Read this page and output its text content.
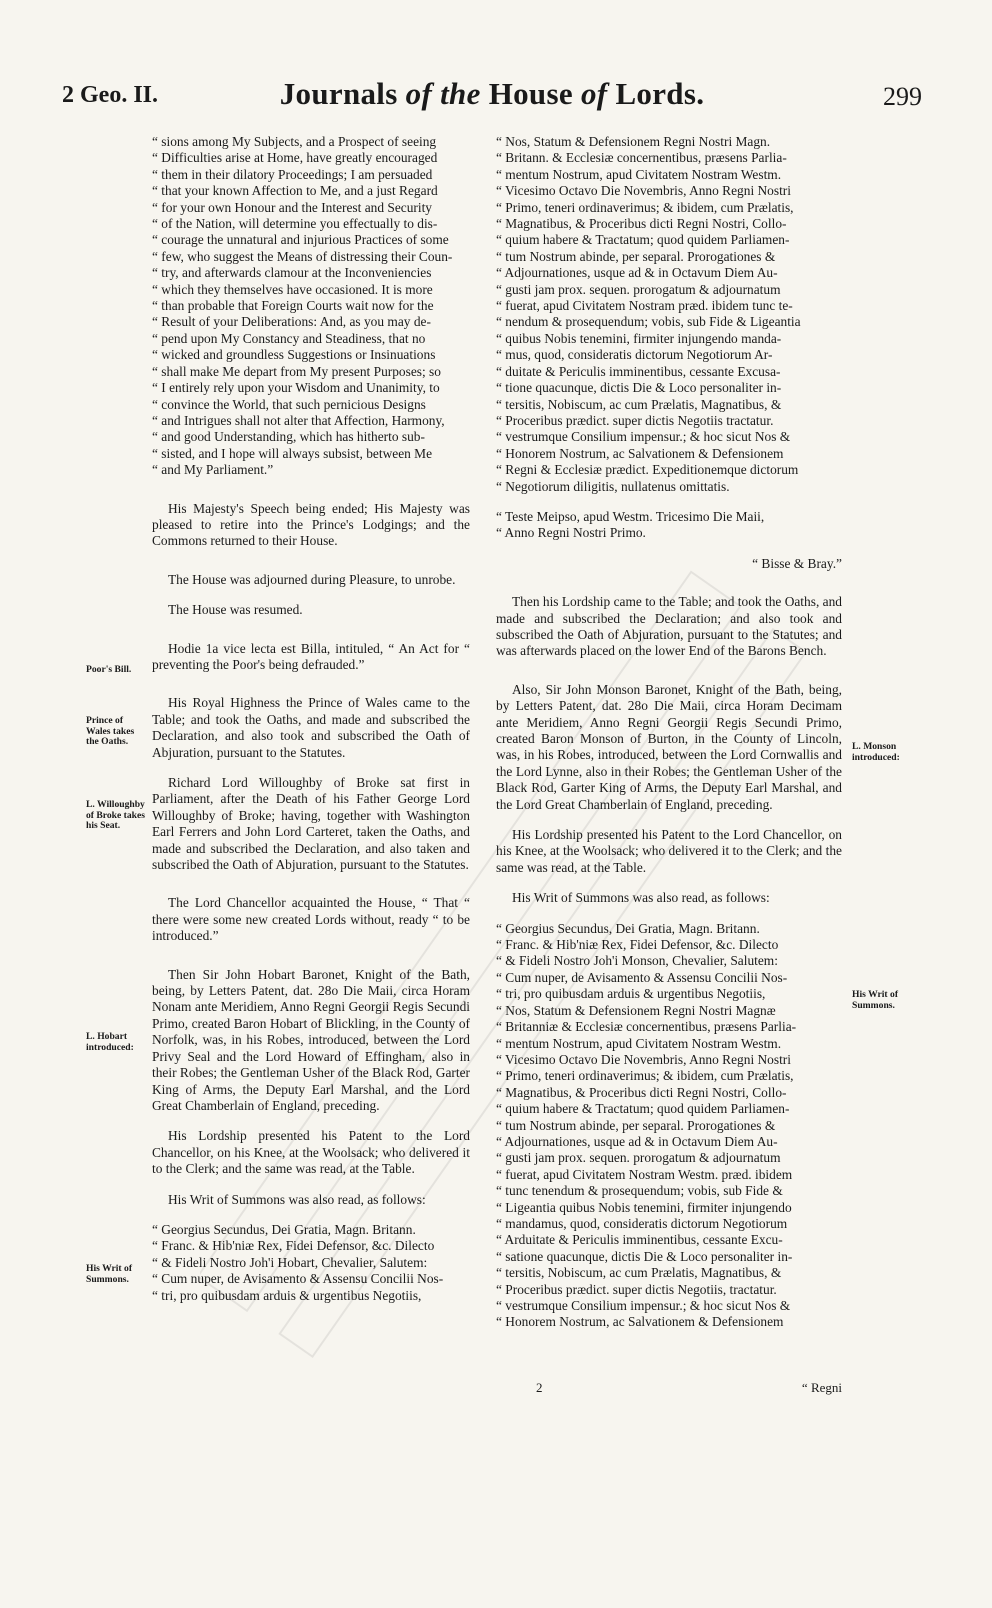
2 Geo. II.	Journals of the House of Lords.	299

“ sions among My Subjects, and a Prospect of seeing

“ Difficulties arise at Home, have greatly encouraged

“ them in their dilatory Proceedings; I am persuaded

“ that your known Affection to Me, and a just Regard

“ for your own Honour and the Interest and Security

“ of the Nation, will determine you effectually to dis-

“ courage the unnatural and injurious Practices of some

“ few, who suggest the Means of distressing their Coun-

“ try, and afterwards clamour at the Inconveniencies

“ which they themselves have occasioned. It is more

“ than probable that Foreign Courts wait now for the

“ Result of your Deliberations: And, as you may de-

“ pend upon My Constancy and Steadiness, that no

“ wicked and groundless Suggestions or Insinuations

“ shall make Me depart from My present Purposes; so

“ I entirely rely upon your Wisdom and Unanimity, to

“ convince the World, that such pernicious Designs

“ and Intrigues shall not alter that Affection, Harmony,

“ and good Understanding, which has hitherto sub-

“ sisted, and I hope will always subsist, between Me

“ and My Parliament.”

His Majesty's Speech being ended; His Majesty was pleased to retire into the Prince's Lodgings; and the Commons returned to their House.

The House was adjourned during Pleasure, to unrobe.

The House was resumed.

Hodie 1a vice lecta est Billa, intituled, “ An Act for “ preventing the Poor's being defrauded.”

His Royal Highness the Prince of Wales came to the Table; and took the Oaths, and made and subscribed the Declaration, and also took and subscribed the Oath of Abjuration, pursuant to the Statutes.

Richard Lord Willoughby of Broke sat first in Parliament, after the Death of his Father George Lord Willoughby of Broke; having, together with Washington Earl Ferrers and John Lord Carteret, taken the Oaths, and made and subscribed the Declaration, and also taken and subscribed the Oath of Abjuration, pursuant to the Statutes.

The Lord Chancellor acquainted the House, “ That “ there were some new created Lords without, ready “ to be introduced.”

Then Sir John Hobart Baronet, Knight of the Bath, being, by Letters Patent, dat. 28o Die Maii, circa Horam Nonam ante Meridiem, Anno Regni Georgii Regis Secundi Primo, created Baron Hobart of Blickling, in the County of Norfolk, was, in his Robes, introduced, between the Lord Privy Seal and the Lord Howard of Effingham, also in their Robes; the Gentleman Usher of the Black Rod, Garter King of Arms, the Deputy Earl Marshal, and the Lord Great Chamberlain of England, preceding.

His Lordship presented his Patent to the Lord Chancellor, on his Knee, at the Woolsack; who delivered it to the Clerk; and the same was read, at the Table.

His Writ of Summons was also read, as follows:

“ Georgius Secundus, Dei Gratia, Magn. Britann.

“ Franc. & Hib'niæ Rex, Fidei Defensor, &c. Dilecto

“ & Fideli Nostro Joh'i Hobart, Chevalier, Salutem:

“ Cum nuper, de Avisamento & Assensu Concilii Nos-

“ tri, pro quibusdam arduis & urgentibus Negotiis,

“ Nos, Statum & Defensionem Regni Nostri Magn.

“ Britann. & Ecclesiæ concernentibus, præsens Parlia-

“ mentum Nostrum, apud Civitatem Nostram Westm.

“ Vicesimo Octavo Die Novembris, Anno Regni Nostri

“ Primo, teneri ordinaverimus; & ibidem, cum Prælatis,

“ Magnatibus, & Proceribus dicti Regni Nostri, Collo-

“ quium habere & Tractatum; quod quidem Parliamen-

“ tum Nostrum abinde, per separal. Prorogationes &

“ Adjournationes, usque ad & in Octavum Diem Au-

“ gusti jam prox. sequen. prorogatum & adjournatum

“ fuerat, apud Civitatem Nostram præd. ibidem tunc te-

“ nendum & prosequendum; vobis, sub Fide & Ligeantia

“ quibus Nobis tenemini, firmiter injungendo manda-

“ mus, quod, consideratis dictorum Negotiorum Ar-

“ duitate & Periculis imminentibus, cessante Excusa-

“ tione quacunque, dictis Die & Loco personaliter in-

“ tersitis, Nobiscum, ac cum Prælatis, Magnatibus, &

“ Proceribus prædict. super dictis Negotiis tractatur.

“ vestrumque Consilium impensur.; & hoc sicut Nos &

“ Honorem Nostrum, ac Salvationem & Defensionem

“ Regni & Ecclesiæ prædict. Expeditionemque dictorum

“ Negotiorum diligitis, nullatenus omittatis.

“ Teste Meipso, apud Westm. Tricesimo Die Maii,

“ Anno Regni Nostri Primo.

“ Bisse & Bray.”

Then his Lordship came to the Table; and took the Oaths, and made and subscribed the Declaration; and also took and subscribed the Oath of Abjuration, pursuant to the Statutes; and was afterwards placed on the lower End of the Barons Bench.

Also, Sir John Monson Baronet, Knight of the Bath, being, by Letters Patent, dat. 28o Die Maii, circa Horam Decimam ante Meridiem, Anno Regni Georgii Regis Secundi Primo, created Baron Monson of Burton, in the County of Lincoln, was, in his Robes, introduced, between the Lord Cornwallis and the Lord Lynne, also in their Robes; the Gentleman Usher of the Black Rod, Garter King of Arms, the Deputy Earl Marshal, and the Lord Great Chamberlain of England, preceding.

His Lordship presented his Patent to the Lord Chancellor, on his Knee, at the Woolsack; who delivered it to the Clerk; and the same was read, at the Table.

His Writ of Summons was also read, as follows:

“ Georgius Secundus, Dei Gratia, Magn. Britann.

“ Franc. & Hib'niæ Rex, Fidei Defensor, &c. Dilecto

“ & Fideli Nostro Joh'i Monson, Chevalier, Salutem:

“ Cum nuper, de Avisamento & Assensu Concilii Nos-

“ tri, pro quibusdam arduis & urgentibus Negotiis,

“ Nos, Statum & Defensionem Regni Nostri Magnæ

“ Britanniæ & Ecclesiæ concernentibus, præsens Parlia-

“ mentum Nostrum, apud Civitatem Nostram Westm.

“ Vicesimo Octavo Die Novembris, Anno Regni Nostri

“ Primo, teneri ordinaverimus; & ibidem, cum Prælatis,

“ Magnatibus, & Proceribus dicti Regni Nostri, Collo-

“ quium habere & Tractatum; quod quidem Parliamen-

“ tum Nostrum abinde, per separal. Prorogationes &

“ Adjournationes, usque ad & in Octavum Diem Au-

“ gusti jam prox. sequen. prorogatum & adjournatum

“ fuerat, apud Civitatem Nostram Westm. præd. ibidem

“ tunc tenendum & prosequendum; vobis, sub Fide &

“ Ligeantia quibus Nobis tenemini, firmiter injungendo

“ mandamus, quod, consideratis dictorum Negotiorum

“ Arduitate & Periculis imminentibus, cessante Excu-

“ satione quacunque, dictis Die & Loco personaliter in-

“ tersitis, Nobiscum, ac cum Prælatis, Magnatibus, &

“ Proceribus prædict. super dictis Negotiis, tractatur.

“ vestrumque Consilium impensur.; & hoc sicut Nos &

“ Honorem Nostrum, ac Salvationem & Defensionem

Poor's Bill.
Prince of Wales takes the Oaths.
L. Willoughby of Broke takes his Seat.
L. Hobart introduced:
His Writ of Summons.
L. Monson introduced:
His Writ of Summons.
2	“ Regni
